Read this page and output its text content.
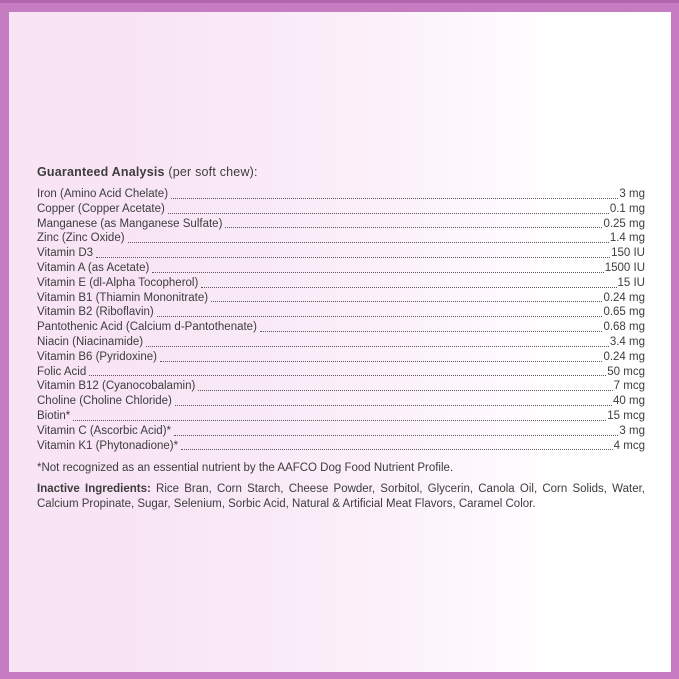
Guaranteed Analysis (per soft chew):

Iron (Amino Acid Chelate)	3 mg
Copper (Copper Acetate)	0.1 mg
Manganese (as Manganese Sulfate)	0.25 mg
Zinc (Zinc Oxide)	1.4 mg
Vitamin D3	150 IU
Vitamin A (as Acetate)	1500 IU
Vitamin E (dl-Alpha Tocopherol)	15 IU
Vitamin B1 (Thiamin Mononitrate)	0.24 mg
Vitamin B2 (Riboflavin)	0.65 mg
Pantothenic Acid (Calcium d-Pantothenate)	0.68 mg
Niacin (Niacinamide)	3.4 mg
Vitamin B6 (Pyridoxine)	0.24 mg
Folic Acid	50 mcg
Vitamin B12 (Cyanocobalamin)	7 mcg
Choline (Choline Chloride)	40 mg
Biotin*	15 mcg
Vitamin C (Ascorbic Acid)*	3 mg
Vitamin K1 (Phytonadione)*	4 mcg

*Not recognized as an essential nutrient by the AAFCO Dog Food Nutrient Profile.

Inactive Ingredients: Rice Bran, Corn Starch, Cheese Powder, Sorbitol, Glycerin, Canola Oil, Corn Solids, Water, Calcium Propinate, Sugar, Selenium, Sorbic Acid, Natural & Artificial Meat Flavors, Caramel Color.
